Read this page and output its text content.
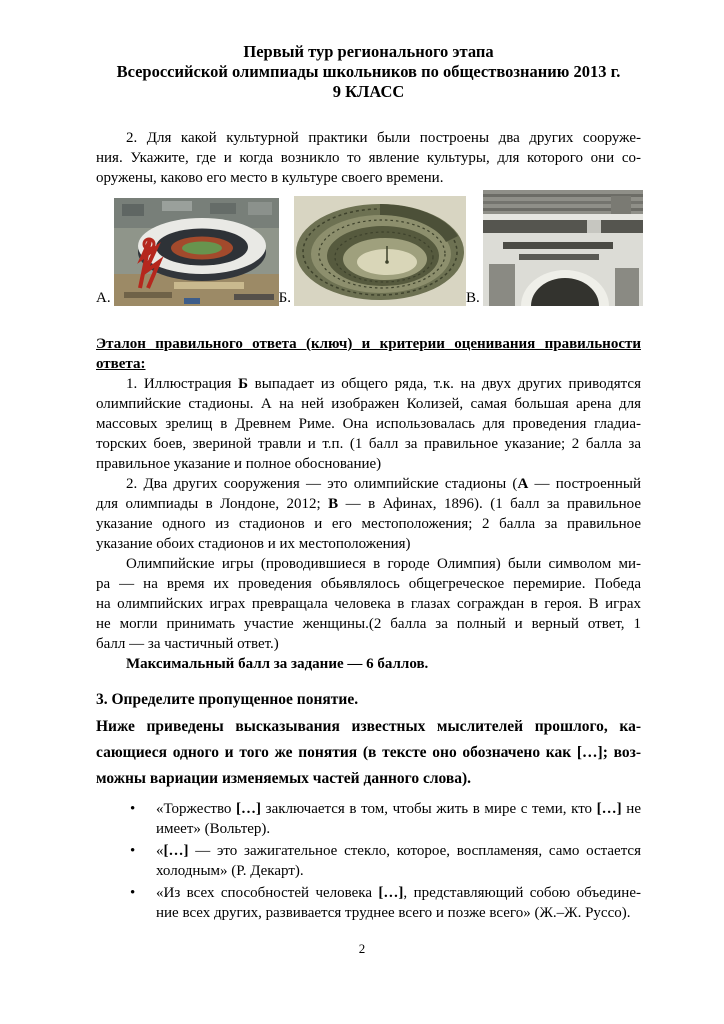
Первый тур регионального этапа
Всероссийской олимпиады школьников по обществознанию 2013 г.
9 КЛАСС
2. Для какой культурной практики были построены два других сооруже-
ния. Укажите, где и когда возникло то явление культуры, для которого они со-
оружены, каково его место в культуре своего времени.
А.	Б.	В.
Эталон правильного ответа (ключ) и критерии оценивания правильности
ответа:
1. Иллюстрация Б выпадает из общего ряда, т.к. на двух других приводятся
олимпийские стадионы. А на ней изображен Колизей, самая большая арена для
массовых зрелищ в Древнем Риме. Она использовалась для проведения гладиа-
торских боев, звериной травли и т.п. (1 балл за правильное указание; 2 балла за
правильное указание и полное обоснование)
2. Два других сооружения — это олимпийские стадионы (А — построенный
для олимпиады в Лондоне, 2012; В — в Афинах, 1896). (1 балл за правильное
указание одного из стадионов и его местоположения; 2 балла за правильное
указание обоих стадионов и их местоположения)
Олимпийские игры (проводившиеся в городе Олимпия) были символом ми-
ра — на время их проведения обьявлялось общегреческое перемирие. Победа
на олимпийских играх превращала человека в глазах сограждан в героя. В играх
не могли принимать участие женщины.(2 балла за полный и верный ответ, 1
балл — за частичный ответ.)
Максимальный балл за задание — 6 баллов.
3. Определите пропущенное понятие.
Ниже приведены высказывания известных мыслителей прошлого, ка-
сающиеся одного и того же понятия (в тексте оно обозначено как […]; воз-
можны вариации изменяемых частей данного слова).
•	«Торжество […] заключается в том, чтобы жить в мире с теми, кто […] не
имеет» (Вольтер).
•	«[…] — это зажигательное стекло, которое, воспламеняя, само остается
холодным» (Р. Декарт).
•	«Из всех способностей человека […], представляющий собою объедине-
ние всех других, развивается труднее всего и позже всего» (Ж.–Ж. Руссо).
2
